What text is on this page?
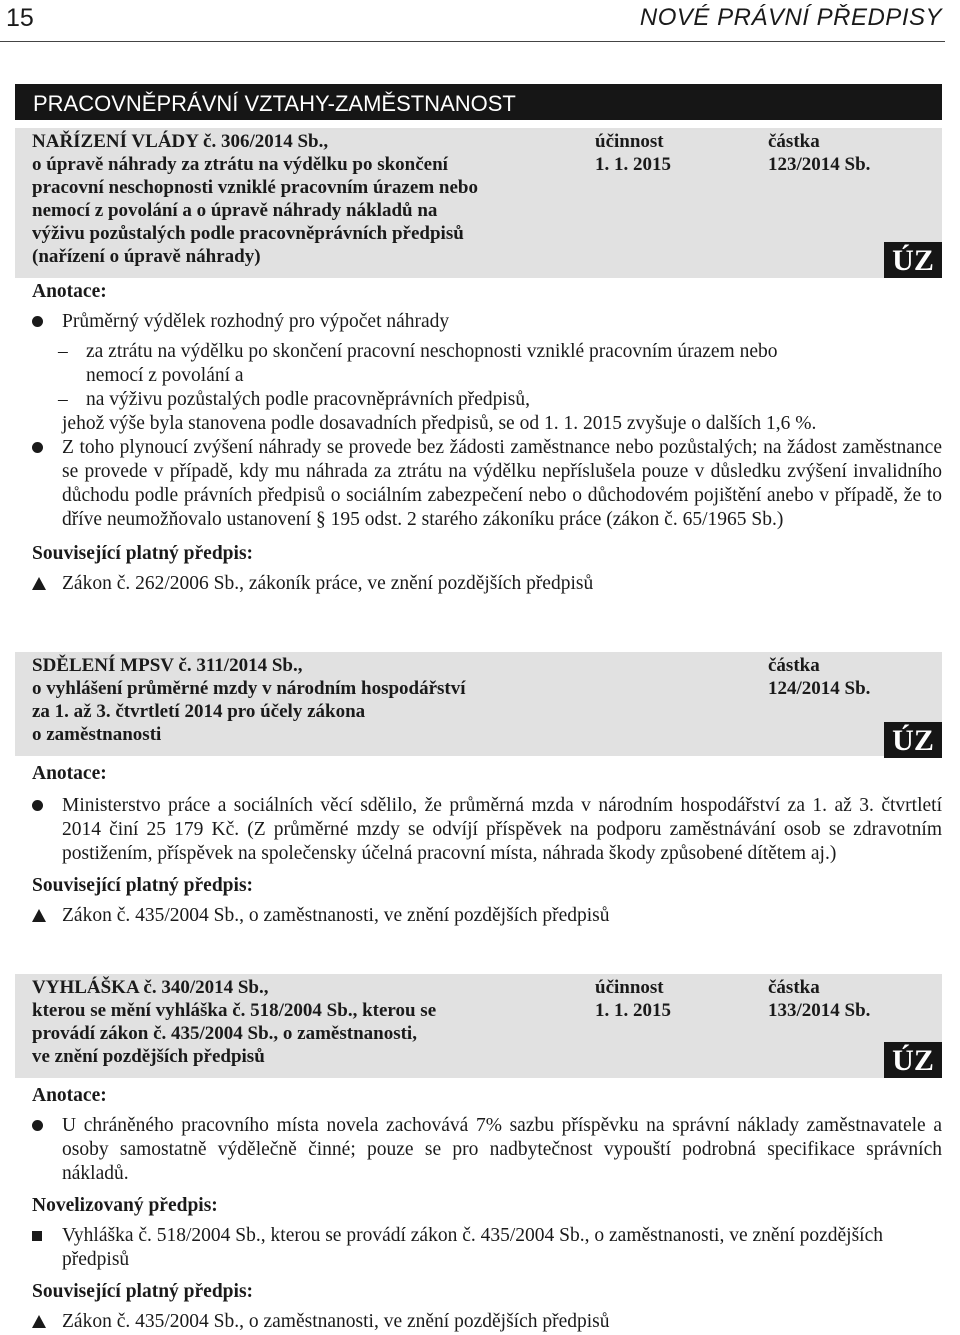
15	NOVÉ PRÁVNÍ PŘEDPISY
PRACOVNĚPRÁVNÍ VZTAHY-ZAMĚSTNANOST
NAŘÍZENÍ VLÁDY č. 306/2014 Sb.,
o úpravě náhrady za ztrátu na výdělku po skončení
pracovní neschopnosti vzniklé pracovním úrazem nebo
nemocí z povolání a o úpravě náhrady nákladů na
výživu pozůstalých podle pracovněprávních předpisů
(nařízení o úpravě náhrady)
účinnost
1. 1. 2015
částka
123/2014 Sb.
ÚZ
Anotace:
Průměrný výdělek rozhodný pro výpočet náhrady
– za ztrátu na výdělku po skončení pracovní neschopnosti vzniklé pracovním úrazem nebo
nemocí z povolání a
– na výživu pozůstalých podle pracovněprávních předpisů,
jehož výše byla stanovena podle dosavadních předpisů, se od 1. 1. 2015 zvyšuje o dalších 1,6 %.
Z toho plynoucí zvýšení náhrady se provede bez žádosti zaměstnance nebo pozůstalých; na žádost zaměstnance se provede v případě, kdy mu náhrada za ztrátu na výdělku nepříslušela pouze v důsledku zvýšení invalidního důchodu podle právních předpisů o sociálním zabezpečení nebo o důchodovém pojištění anebo v případě, že to dříve neumožňovalo ustanovení § 195 odst. 2 starého zákoníku práce (zákon č. 65/1965 Sb.)
Související platný předpis:
Zákon č. 262/2006 Sb., zákoník práce, ve znění pozdějších předpisů
SDĚLENÍ MPSV č. 311/2014 Sb.,
o vyhlášení průměrné mzdy v národním hospodářství
za 1. až 3. čtvrtletí 2014 pro účely zákona
o zaměstnanosti
částka
124/2014 Sb.
ÚZ
Anotace:
Ministerstvo práce a sociálních věcí sdělilo, že průměrná mzda v národním hospodářství za 1. až 3. čtvrtletí 2014 činí 25 179 Kč. (Z průměrné mzdy se odvíjí příspěvek na podporu zaměstnávání osob se zdravotním postižením, příspěvek na společensky účelná pracovní místa, náhrada škody způsobené dítětem aj.)
Související platný předpis:
Zákon č. 435/2004 Sb., o zaměstnanosti, ve znění pozdějších předpisů
VYHLÁŠKA č. 340/2014 Sb.,
kterou se mění vyhláška č. 518/2004 Sb., kterou se
provádí zákon č. 435/2004 Sb., o zaměstnanosti,
ve znění pozdějších předpisů
účinnost
1. 1. 2015
částka
133/2014 Sb.
ÚZ
Anotace:
U chráněného pracovního místa novela zachovává 7% sazbu příspěvku na správní náklady zaměstnavatele a osoby samostatně výdělečně činné; pouze se pro nadbytečnost vypouští podrobná specifikace správních nákladů.
Novelizovaný předpis:
Vyhláška č. 518/2004 Sb., kterou se provádí zákon č. 435/2004 Sb., o zaměstnanosti, ve znění pozdějších předpisů
Související platný předpis:
Zákon č. 435/2004 Sb., o zaměstnanosti, ve znění pozdějších předpisů
